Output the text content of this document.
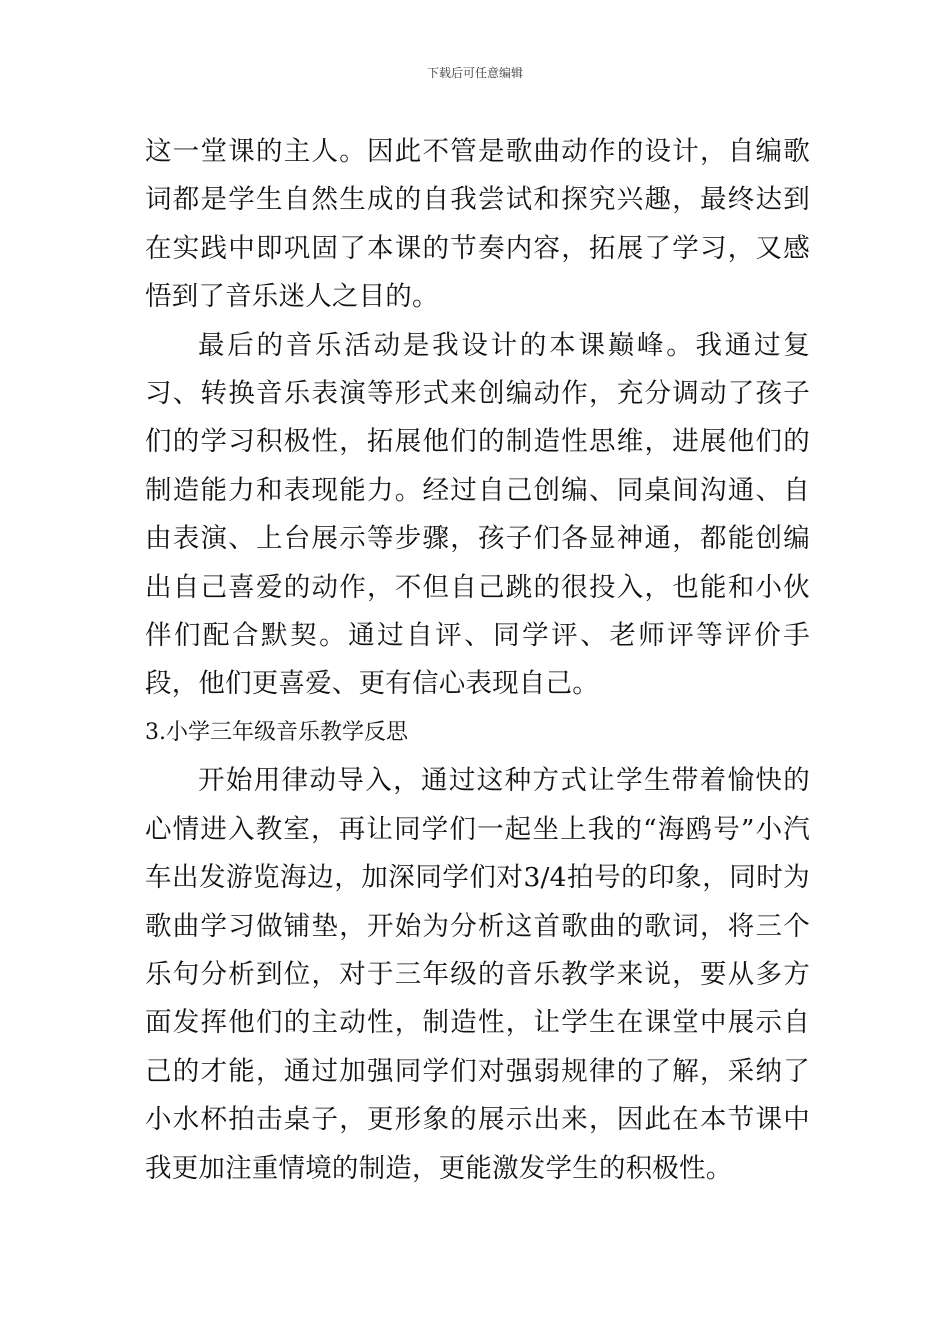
下载后可任意编辑

这一堂课的主人。因此不管是歌曲动作的设计，自编歌词都是学生自然生成的自我尝试和探究兴趣，最终达到在实践中即巩固了本课的节奏内容，拓展了学习，又感悟到了音乐迷人之目的。

最后的音乐活动是我设计的本课巅峰。我通过复习、转换音乐表演等形式来创编动作，充分调动了孩子们的学习积极性，拓展他们的制造性思维，进展他们的制造能力和表现能力。经过自己创编、同桌间沟通、自由表演、上台展示等步骤，孩子们各显神通，都能创编出自己喜爱的动作，不但自己跳的很投入，也能和小伙伴们配合默契。通过自评、同学评、老师评等评价手段，他们更喜爱、更有信心表现自己。

3.小学三年级音乐教学反思

开始用律动导入，通过这种方式让学生带着愉快的心情进入教室，再让同学们一起坐上我的“海鸥号”小汽车出发游览海边，加深同学们对3/4拍号的印象，同时为歌曲学习做铺垫，开始为分析这首歌曲的歌词，将三个乐句分析到位，对于三年级的音乐教学来说，要从多方面发挥他们的主动性，制造性，让学生在课堂中展示自己的才能，通过加强同学们对强弱规律的了解，采纳了小水杯拍击桌子，更形象的展示出来，因此在本节课中我更加注重情境的制造，更能激发学生的积极性。
